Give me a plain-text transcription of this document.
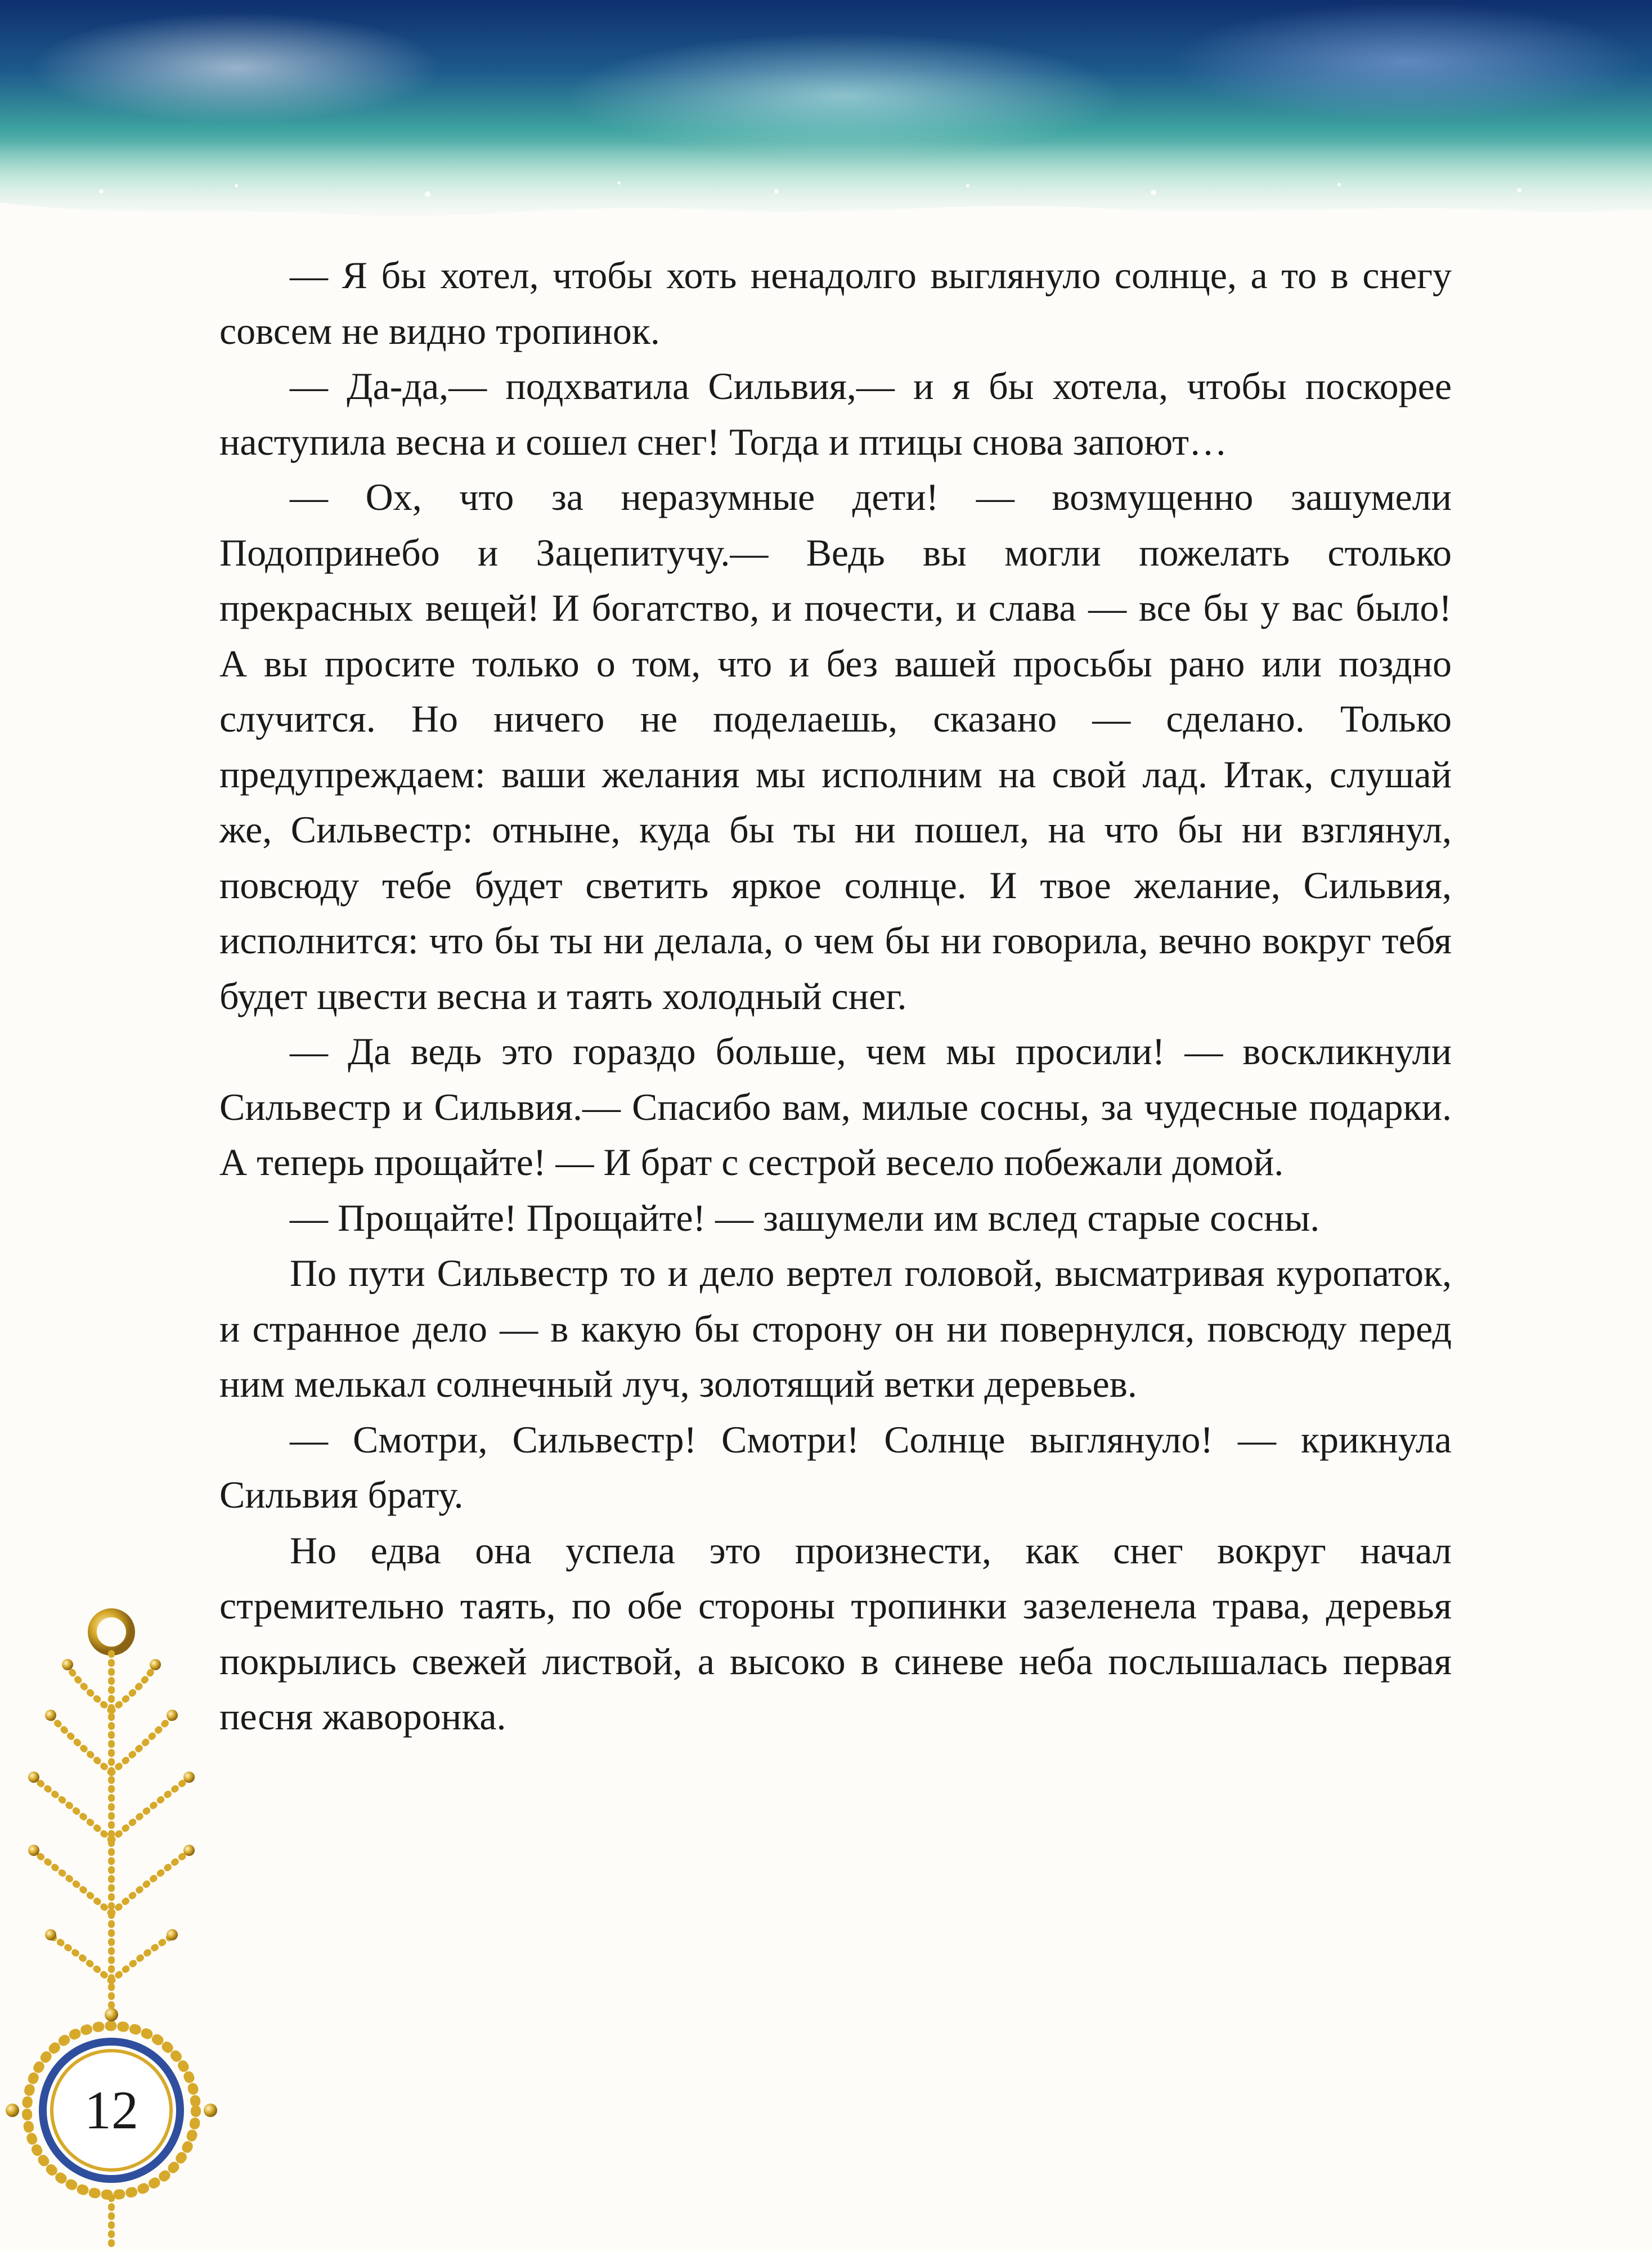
— Я бы хотел, чтобы хоть ненадолго выглянуло солнце, а то в снегу совсем не видно тропинок.

— Да-да,— подхватила Сильвия,— и я бы хотела, чтобы поскорее наступила весна и сошел снег! Тогда и птицы снова запоют…

— Ох, что за неразумные дети! — возмущенно зашумели Подопринебо и Зацепитучу.— Ведь вы могли пожелать столько прекрасных вещей! И богатство, и почести, и слава — все бы у вас было! А вы просите только о том, что и без вашей просьбы рано или поздно случится. Но ничего не поделаешь, сказано — сделано. Только предупреждаем: ваши желания мы исполним на свой лад. Итак, слушай же, Сильвестр: отныне, куда бы ты ни пошел, на что бы ни взглянул, повсюду тебе будет светить яркое солнце. И твое желание, Сильвия, исполнится: что бы ты ни делала, о чем бы ни говорила, вечно вокруг тебя будет цвести весна и таять холодный снег.

— Да ведь это гораздо больше, чем мы просили! — воскликнули Сильвестр и Сильвия.— Спасибо вам, милые сосны, за чудесные подарки. А теперь прощайте! — И брат с сестрой весело побежали домой.

— Прощайте! Прощайте! — зашумели им вслед старые сосны.

По пути Сильвестр то и дело вертел головой, высматривая куропаток, и странное дело — в какую бы сторону он ни повернулся, повсюду перед ним мелькал солнечный луч, золотящий ветки деревьев.

— Смотри, Сильвестр! Смотри! Солнце выглянуло! — крикнула Сильвия брату.

Но едва она успела это произнести, как снег вокруг начал стремительно таять, по обе стороны тропинки зазеленела трава, деревья покрылись свежей листвой, а высоко в синеве неба послышалась первая песня жаворонка.

12
